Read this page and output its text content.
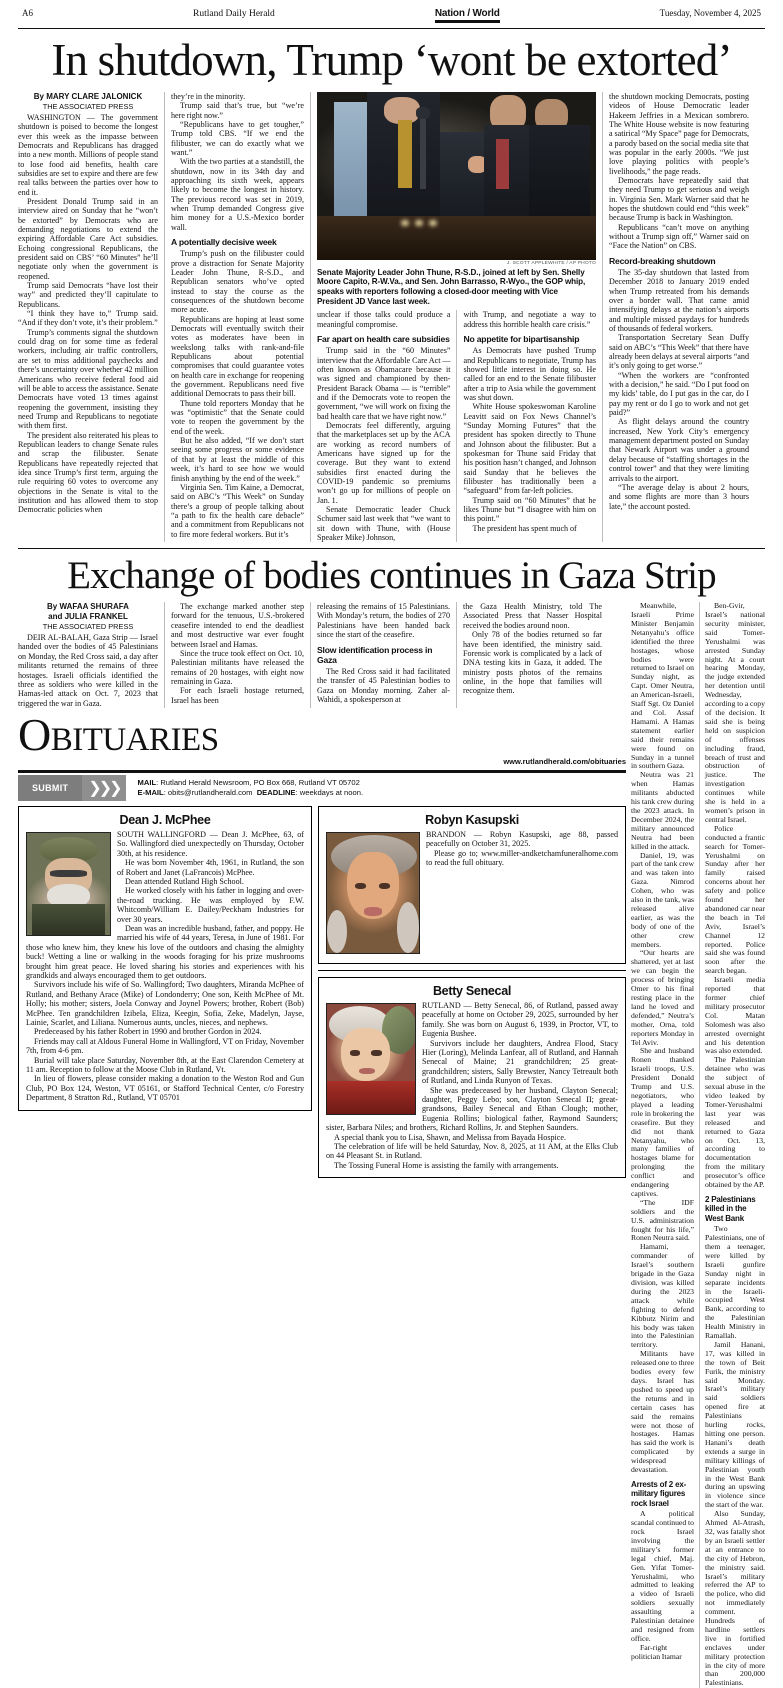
A6	Rutland Daily Herald	Nation / World	Tuesday, November 4, 2025
In shutdown, Trump ‘wont be extorted’
By MARY CLARE JALONICK
THE ASSOCIATED PRESS

WASHINGTON — The government shutdown is poised to become the longest ever this week as the impasse between Democrats and Republicans has dragged into a new month. Millions of people stand to lose food aid benefits, health care subsidies are set to expire and there are few real talks between the parties over how to end it.

President Donald Trump said in an interview aired on Sunday that he “won’t be extorted” by Democrats who are demanding negotiations to extend the expiring Affordable Care Act subsidies. Echoing congressional Republicans, the president said on CBS’ “60 Minutes” he’ll negotiate only when the government is reopened.

Trump said Democrats “have lost their way” and predicted they’ll capitulate to Republicans.

“I think they have to,” Trump said. “And if they don’t vote, it’s their problem.”

Trump’s comments signal the shutdown could drag on for some time as federal workers, including air traffic controllers, are set to miss additional paychecks and there’s uncertainty over whether 42 million Americans who receive federal food aid will be able to access the assistance. Senate Democrats have voted 13 times against reopening the government, insisting they need Trump and Republicans to negotiate with them first.

The president also reiterated his pleas to Republican leaders to change Senate rules and scrap the filibuster. Senate Republicans have repeatedly rejected that idea since Trump’s first term, arguing the rule requiring 60 votes to overcome any objections in the Senate is vital to the institution and has allowed them to stop Democratic policies when

they’re in the minority.

Trump said that’s true, but “we’re here right now.”

“Republicans have to get tougher,” Trump told CBS. “If we end the filibuster, we can do exactly what we want.”

With the two parties at a standstill, the shutdown, now in its 34th day and approaching its sixth week, appears likely to become the longest in history. The previous record was set in 2019, when Trump demanded Congress give him money for a U.S.-Mexico border wall.

A potentially decisive week

Trump’s push on the filibuster could prove a distraction for Senate Majority Leader John Thune, R-S.D., and Republican senators who’ve opted instead to stay the course as the consequences of the shutdown become more acute.

Republicans are hoping at least some Democrats will eventually switch their votes as moderates have been in weekslong talks with rank-and-file Republicans about potential compromises that could guarantee votes on health care in exchange for reopening the government. Republicans need five additional Democrats to pass their bill.

Thune told reporters Monday that he was “optimistic” that the Senate could vote to reopen the government by the end of the week.

But he also added, “If we don’t start seeing some progress or some evidence of that by at least the middle of this week, it’s hard to see how we would finish anything by the end of the week.”

Virginia Sen. Tim Kaine, a Democrat, said on ABC’s “This Week” on Sunday there’s a group of people talking about “a path to fix the health care debacle” and a commitment from Republicans not to fire more federal workers. But it’s

J. SCOTT APPLEWHITE / AP PHOTO
Senate Majority Leader John Thune, R-S.D., joined at left by Sen. Shelly Moore Capito, R-W.Va., and Sen. John Barrasso, R-Wyo., the GOP whip, speaks with reporters following a closed-door meeting with Vice President JD Vance last week.

unclear if those talks could produce a meaningful compromise.

Far apart on health care subsidies

Trump said in the “60 Minutes” interview that the Affordable Care Act — often known as Obamacare because it was signed and championed by then-President Barack Obama — is “terrible” and if the Democrats vote to reopen the government, “we will work on fixing the bad health care that we have right now.”

Democrats feel differently, arguing that the marketplaces set up by the ACA are working as record numbers of Americans have signed up for the coverage. But they want to extend subsidies first enacted during the COVID-19 pandemic so premiums won’t go up for millions of people on Jan. 1.

Senate Democratic leader Chuck Schumer said last week that “we want to sit down with Thune, with (House Speaker Mike) Johnson,

with Trump, and negotiate a way to address this horrible health care crisis.”

No appetite for bipartisanship

As Democrats have pushed Trump and Republicans to negotiate, Trump has showed little interest in doing so. He called for an end to the Senate filibuster after a trip to Asia while the government was shut down.

White House spokeswoman Karoline Leavitt said on Fox News Channel’s “Sunday Morning Futures” that the president has spoken directly to Thune and Johnson about the filibuster. But a spokesman for Thune said Friday that his position hasn’t changed, and Johnson said Sunday that he believes the filibuster has traditionally been a “safeguard” from far-left policies.

Trump said on “60 Minutes” that he likes Thune but “I disagree with him on this point.”

The president has spent much of

the shutdown mocking Democrats, posting videos of House Democratic leader Hakeem Jeffries in a Mexican sombrero. The White House website is now featuring a satirical “My Space” page for Democrats, a parody based on the social media site that was popular in the early 2000s. “We just love playing politics with people’s livelihoods,” the page reads.

Democrats have repeatedly said that they need Trump to get serious and weigh in. Virginia Sen. Mark Warner said that he hopes the shutdown could end “this week” because Trump is back in Washington.

Republicans “can’t move on anything without a Trump sign off,” Warner said on “Face the Nation” on CBS.

Record-breaking shutdown

The 35-day shutdown that lasted from December 2018 to January 2019 ended when Trump retreated from his demands over a border wall. That came amid intensifying delays at the nation’s airports and multiple missed paydays for hundreds of thousands of federal workers.

Transportation Secretary Sean Duffy said on ABC’s “This Week” that there have already been delays at several airports “and it’s only going to get worse.”

“When the workers are “confronted with a decision,” he said. “Do I put food on my kids’ table, do I put gas in the car, do I pay my rent or do I go to work and not get paid?”

As flight delays around the country increased, New York City’s emergency management department posted on Sunday that Newark Airport was under a ground delay because of “staffing shortages in the control tower” and that they were limiting arrivals to the airport.

“The average delay is about 2 hours, and some flights are more than 3 hours late,” the account posted.

Exchange of bodies continues in Gaza Strip
By WAFAA SHURAFA
and JULIA FRANKEL
THE ASSOCIATED PRESS

DEIR AL-BALAH, Gaza Strip — Israel handed over the bodies of 45 Palestinians on Monday, the Red Cross said, a day after militants returned the remains of three hostages. Israeli officials identified the three as soldiers who were killed in the Hamas-led attack on Oct. 7, 2023 that triggered the war in Gaza.

The exchange marked another step forward for the tenuous, U.S.-brokered ceasefire intended to end the deadliest and most destructive war ever fought between Israel and Hamas.

Since the truce took effect on Oct. 10, Palestinian militants have released the remains of 20 hostages, with eight now remaining in Gaza.

For each Israeli hostage returned, Israel has been

releasing the remains of 15 Palestinians. With Monday’s return, the bodies of 270 Palestinians have been handed back since the start of the ceasefire.

Slow identification process in Gaza

The Red Cross said it had facilitated the transfer of 45 Palestinian bodies to Gaza on Monday morning. Zaher al-Wahidi, a spokesperson at

the Gaza Health Ministry, told The Associated Press that Nasser Hospital received the bodies around noon.

Only 78 of the bodies returned so far have been identified, the ministry said. Forensic work is complicated by a lack of DNA testing kits in Gaza, it added. The ministry posts photos of the remains online, in the hope that families will recognize them.

OBITUARIES
www.rutlandherald.com/obituaries
SUBMIT	❯❯❯	MAIL: Rutland Herald Newsroom, PO Box 668, Rutland VT 05702
E-MAIL: obits@rutlandherald.com DEADLINE: weekdays at noon.
Dean J. McPhee

SOUTH WALLINGFORD — Dean J. McPhee, 63, of So. Wallingford died unexpectedly on Thursday, October 30th, at his residence.

He was born November 4th, 1961, in Rutland, the son of Robert and Janet (LaFrancois) McPhee.

Dean attended Rutland High School.

He worked closely with his father in logging and over-the-road trucking. He was employed by F.W. Whitcomb/William E. Dailey/Peckham Industries for over 30 years.

Dean was an incredible husband, father, and poppy. He married his wife of 44 years, Teresa, in June of 1981. For those who knew him, they knew his love of the outdoors and chasing the almighty buck! Wetting a line or walking in the woods foraging for his prize mushrooms brought him great peace. He loved sharing his stories and experiences with his grandkids and always encouraged them to get outdoors.

Survivors include his wife of So. Wallingford; Two daughters, Miranda McPhee of Rutland, and Bethany Arace (Mike) of Londonderry; One son, Keith McPhee of Mt. Holly; his mother; sisters, Joela Conway and Joynel Powers; brother, Robert (Bob) McPhee. Ten grandchildren Izibela, Eliza, Keegin, Sofia, Zeke, Madelyn, Jayse, Lainie, Scarlet, and Liliana. Numerous aunts, uncles, nieces, and nephews.

Predeceased by his father Robert in 1990 and brother Gordon in 2024.

Friends may call at Aldous Funeral Home in Wallingford, VT on Friday, November 7th, from 4-6 pm.

Burial will take place Saturday, November 8th, at the East Clarendon Cemetery at 11 am. Reception to follow at the Moose Club in Rutland, Vt.

In lieu of flowers, please consider making a donation to the Weston Rod and Gun Club, PO Box 124, Weston, VT 05161, or Stafford Technical Center, c/o Forestry Department, 8 Stratton Rd., Rutland, VT 05701

Robyn Kasupski

BRANDON — Robyn Kasupski, age 88, passed peacefully on October 31, 2025.

Please go to; www.miller-andketchamfuneralhome.com to read the full obituary.

Betty Senecal

RUTLAND — Betty Senecal, 86, of Rutland, passed away peacefully at home on October 29, 2025, surrounded by her family. She was born on August 6, 1939, in Proctor, VT, to Eugenia Bushee.

Survivors include her daughters, Andrea Flood, Stacy Hier (Loring), Melinda Lanfear, all of Rutland, and Hannah Senecal of Maine; 21 grandchildren; 25 great-grandchildren; sisters, Sally Brewster, Nancy Tetreault both of Rutland, and Linda Runyon of Texas.

She was predeceased by her husband, Clayton Senecal; daughter, Peggy Lebo; son, Clayton Senecal II; great-grandsons, Bailey Senecal and Ethan Clough; mother, Eugenia Rollins; biological father, Raymond Saunders; sister, Barbara Niles; and brothers, Richard Rollins, Jr. and Stephen Saunders.

A special thank you to Lisa, Shawn, and Melissa from Bayada Hospice.

The celebration of life will be held Saturday, Nov. 8, 2025, at 11 AM, at the Elks Club on 44 Pleasant St. in Rutland.

The Tossing Funeral Home is assisting the family with arrangements.

Meanwhile, Israeli Prime Minister Benjamin Netanyahu’s office identified the three hostages, whose bodies were returned to Israel on Sunday night, as Capt. Omer Neutra, an American-Israeli, Staff Sgt. Oz Daniel and Col. Assaf Hamami. A Hamas statement earlier said their remains were found on Sunday in a tunnel in southern Gaza.

Neutra was 21 when Hamas militants abducted his tank crew during the 2023 attack. In December 2024, the military announced Neutra had been killed in the attack.

Daniel, 19, was part of the tank crew and was taken into Gaza. Nimrod Cohen, who was also in the tank, was released alive earlier, as was the body of one of the other crew members.

“Our hearts are shattered, yet at last we can begin the process of bringing Omer to his final resting place in the land he loved and defended,” Neutra’s mother, Orna, told reporters Monday in Tel Aviv.

She and husband Ronen thanked Israeli troops, U.S. President Donald Trump and U.S. negotiators, who played a leading role in brokering the ceasefire. But they did not thank Netanyahu, who many families of hostages blame for prolonging the conflict and endangering captives.

“The IDF soldiers and the U.S. administration fought for his life,” Ronen Neutra said.

Hamami, commander of Israel’s southern brigade in the Gaza division, was killed during the 2023 attack while fighting to defend Kibbutz Nirim and his body was taken into the Palestinian territory.

Militants have released one to three bodies every few days. Israel has pushed to speed up the returns and in certain cases has said the remains were not those of hostages. Hamas has said the work is complicated by widespread devastation.

Arrests of 2 ex-military figures rock Israel

A political scandal continued to rock Israel involving the military’s former legal chief, Maj. Gen. Yifat Tomer-Yerushalmi, who admitted to leaking a video of Israeli soldiers sexually assaulting a Palestinian detainee and resigned from office.

Far-right politician Itamar

Ben-Gvir, Israel’s national security minister, said Tomer-Yerushalmi was arrested Sunday night. At a court hearing Monday, the judge extended her detention until Wednesday, according to a copy of the decision. It said she is being held on suspicion of offenses including fraud, breach of trust and obstruction of justice. The investigation continues while she is held in a women’s prison in central Israel.

Police conducted a frantic search for Tomer-Yerushalmi on Sunday after her family raised concerns about her safety and police found her abandoned car near the beach in Tel Aviv, Israel’s Channel 12 reported. Police said she was found soon after the search began.

Israeli media reported that former chief military prosecutor Col. Matan Solomesh was also arrested overnight and his detention was also extended.

The Palestinian detainee who was the subject of sexual abuse in the video leaked by Tomer-Yerushalmi last year was released and returned to Gaza on Oct. 13, according to documentation from the military prosecutor’s office obtained by the AP.

2 Palestinians killed in the West Bank

Two Palestinians, one of them a teenager, were killed by Israeli gunfire Sunday night in separate incidents in the Israeli-occupied West Bank, according to the Palestinian Health Ministry in Ramallah.

Jamil Hanani, 17, was killed in the town of Beit Furik, the ministry said Monday. Israel’s military said soldiers opened fire at Palestinians hurling rocks, hitting one person. Hanani’s death extends a surge in military killings of Palestinian youth in the West Bank during an upswing in violence since the start of the war.

Also Sunday, Ahmed Al-Atrash, 32, was fatally shot by an Israeli settler at an entrance to the city of Hebron, the ministry said. Israel’s military referred the AP to the police, who did not immediately comment. Hundreds of hardline settlers live in fortified enclaves under military protection in the city of more than 200,000 Palestinians.
